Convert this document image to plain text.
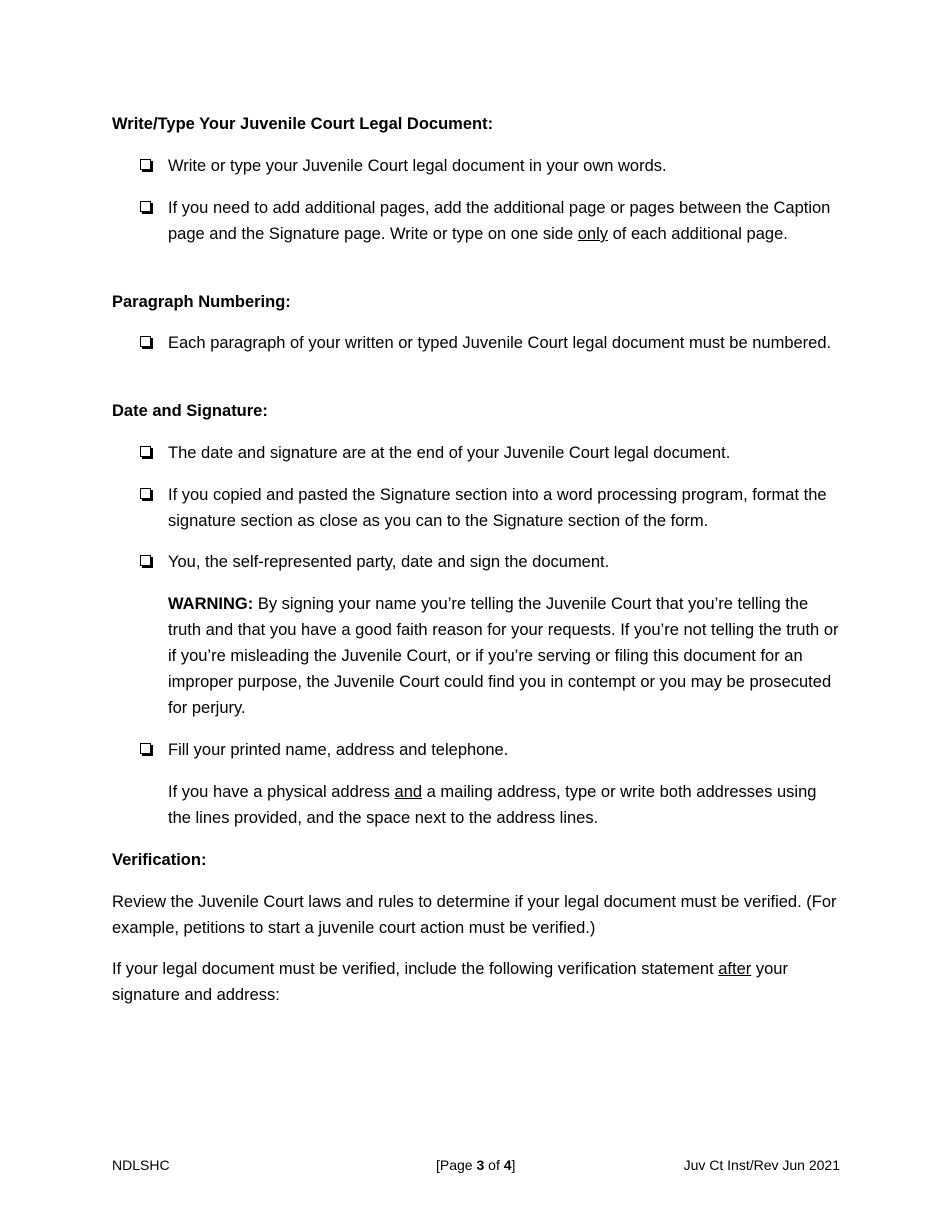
Write/Type Your Juvenile Court Legal Document:
Write or type your Juvenile Court legal document in your own words.
If you need to add additional pages, add the additional page or pages between the Caption page and the Signature page. Write or type on one side only of each additional page.
Paragraph Numbering:
Each paragraph of your written or typed Juvenile Court legal document must be numbered.
Date and Signature:
The date and signature are at the end of your Juvenile Court legal document.
If you copied and pasted the Signature section into a word processing program, format the signature section as close as you can to the Signature section of the form.
You, the self-represented party, date and sign the document.
WARNING: By signing your name you’re telling the Juvenile Court that you’re telling the truth and that you have a good faith reason for your requests. If you’re not telling the truth or if you’re misleading the Juvenile Court, or if you’re serving or filing this document for an improper purpose, the Juvenile Court could find you in contempt or you may be prosecuted for perjury.
Fill your printed name, address and telephone.
If you have a physical address and a mailing address, type or write both addresses using the lines provided, and the space next to the address lines.
Verification:
Review the Juvenile Court laws and rules to determine if your legal document must be verified. (For example, petitions to start a juvenile court action must be verified.)
If your legal document must be verified, include the following verification statement after your signature and address:
NDLSHC	[Page 3 of 4]	Juv Ct Inst/Rev Jun 2021
